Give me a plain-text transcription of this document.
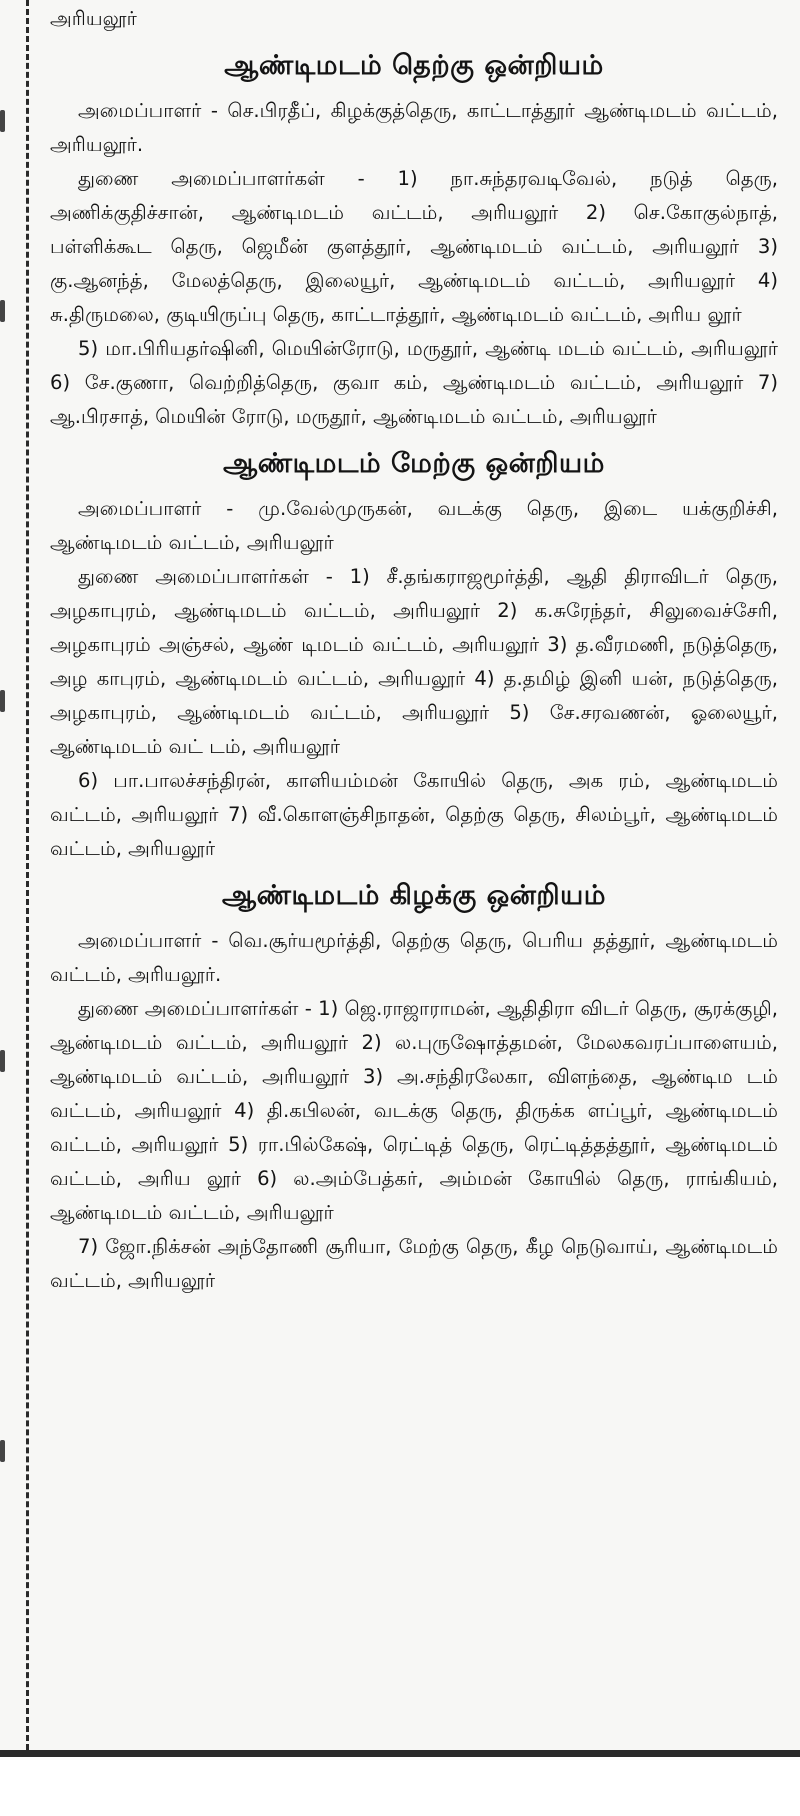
அரியலூர்

ஆண்டிமடம் தெற்கு ஒன்றியம்

அமைப்பாளர் - செ.பிரதீப், கிழக்குத்தெரு, காட்டாத்தூர் ஆண்டிமடம் வட்டம், அரியலூர்.

துணை அமைப்பாளர்கள் - 1) நா.சுந்தரவடிவேல், நடுத் தெரு, அணிக்குதிச்சான், ஆண்டிமடம் வட்டம், அரியலூர் 2) செ.கோகுல்நாத், பள்ளிக்கூட தெரு, ஜெமீன் குளத்தூர், ஆண்டிமடம் வட்டம், அரியலூர் 3) கு.ஆனந்த், மேலத்தெரு, இலையூர், ஆண்டிமடம் வட்டம், அரியலூர் 4) சு.திருமலை, குடியிருப்பு தெரு, காட்டாத்தூர், ஆண்டிமடம் வட்டம், அரிய லூர்

5) மா.பிரியதர்ஷினி, மெயின்ரோடு, மருதூர், ஆண்டி மடம் வட்டம், அரியலூர் 6) சே.குணா, வெற்றித்தெரு, குவா கம், ஆண்டிமடம் வட்டம், அரியலூர் 7) ஆ.பிரசாத், மெயின் ரோடு, மருதூர், ஆண்டிமடம் வட்டம், அரியலூர்

ஆண்டிமடம் மேற்கு ஒன்றியம்

அமைப்பாளர் - மு.வேல்முருகன், வடக்கு தெரு, இடை யக்குறிச்சி, ஆண்டிமடம் வட்டம், அரியலூர்

துணை அமைப்பாளர்கள் - 1) சீ.தங்கராஜமூர்த்தி, ஆதி திராவிடர் தெரு, அழகாபுரம், ஆண்டிமடம் வட்டம், அரியலூர் 2) க.சுரேந்தர், சிலுவைச்சேரி, அழகாபுரம் அஞ்சல், ஆண் டிமடம் வட்டம், அரியலூர் 3) த.வீரமணி, நடுத்தெரு, அழ காபுரம், ஆண்டிமடம் வட்டம், அரியலூர் 4) த.தமிழ் இனி யன், நடுத்தெரு, அழகாபுரம், ஆண்டிமடம் வட்டம், அரியலூர் 5) சே.சரவணன், ஓலையூர், ஆண்டிமடம் வட் டம், அரியலூர்

6) பா.பாலச்சந்திரன், காளியம்மன் கோயில் தெரு, அக ரம், ஆண்டிமடம் வட்டம், அரியலூர் 7) வீ.கொளஞ்சிநாதன், தெற்கு தெரு, சிலம்பூர், ஆண்டிமடம் வட்டம், அரியலூர்

ஆண்டிமடம் கிழக்கு ஒன்றியம்

அமைப்பாளர் - வெ.சூர்யமூர்த்தி, தெற்கு தெரு, பெரிய தத்தூர், ஆண்டிமடம் வட்டம், அரியலூர்.

துணை அமைப்பாளர்கள் - 1) ஜெ.ராஜாராமன், ஆதிதிரா விடர் தெரு, சூரக்குழி, ஆண்டிமடம் வட்டம், அரியலூர் 2) ல.புருஷோத்தமன், மேலகவரப்பாளையம், ஆண்டிமடம் வட்டம், அரியலூர் 3) அ.சந்திரலேகா, விளந்தை, ஆண்டிம டம் வட்டம், அரியலூர் 4) தி.கபிலன், வடக்கு தெரு, திருக்க ளப்பூர், ஆண்டிமடம் வட்டம், அரியலூர் 5) ரா.பில்கேஷ், ரெட்டித் தெரு, ரெட்டித்தத்தூர், ஆண்டிமடம் வட்டம், அரிய லூர் 6) ல.அம்பேத்கர், அம்மன் கோயில் தெரு, ராங்கியம், ஆண்டிமடம் வட்டம், அரியலூர்

7) ஜோ.நிக்சன் அந்தோணி சூரியா, மேற்கு தெரு, கீழ நெடுவாய், ஆண்டிமடம் வட்டம், அரியலூர்
